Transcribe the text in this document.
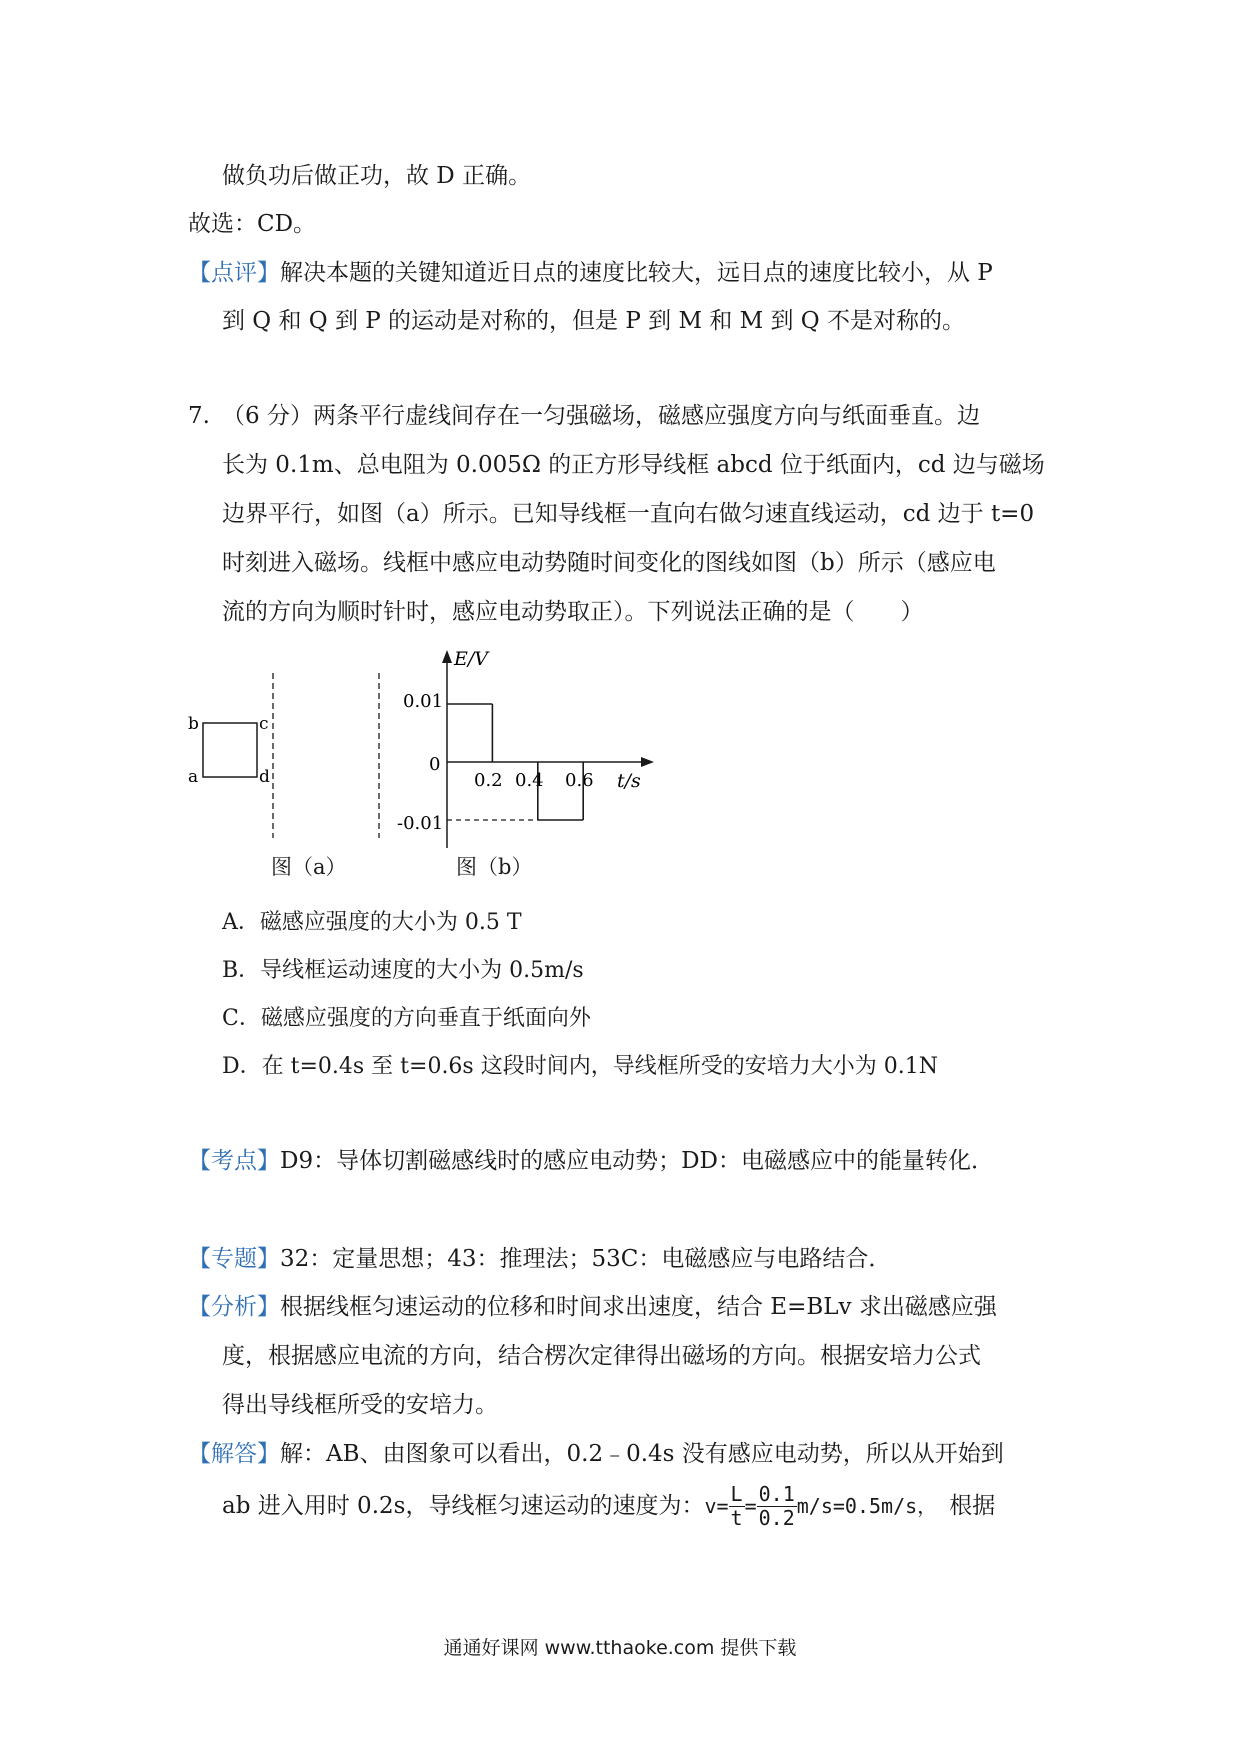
做负功后做正功，故 D 正确。
故选：CD。
【点评】解决本题的关键知道近日点的速度比较大，远日点的速度比较小，从 P
到 Q 和 Q 到 P 的运动是对称的，但是 P 到 M 和 M 到 Q 不是对称的。
7. （6 分）两条平行虚线间存在一匀强磁场，磁感应强度方向与纸面垂直。边
长为 0.1m、总电阻为 0.005Ω 的正方形导线框 abcd 位于纸面内，cd 边与磁场
边界平行，如图（a）所示。已知导线框一直向右做匀速直线运动，cd 边于 t=0
时刻进入磁场。线框中感应电动势随时间变化的图线如图（b）所示（感应电
流的方向为顺时针时，感应电动势取正）。下列说法正确的是（　　）
b	c
a	d
E/V
t/s
0.01
0
-0.01
0.2 0.4 0.6
图（a）	图（b）
A．磁感应强度的大小为 0.5 T
B．导线框运动速度的大小为 0.5m/s
C．磁感应强度的方向垂直于纸面向外
D．在 t=0.4s 至 t=0.6s 这段时间内，导线框所受的安培力大小为 0.1N
【考点】D9：导体切割磁感线时的感应电动势；DD：电磁感应中的能量转化．
【专题】32：定量思想；43：推理法；53C：电磁感应与电路结合．
【分析】根据线框匀速运动的位移和时间求出速度，结合 E=BLv 求出磁感应强
度，根据感应电流的方向，结合楞次定律得出磁场的方向。根据安培力公式
得出导线框所受的安培力。
【解答】解：AB、由图象可以看出，0.2﹣0.4s 没有感应电动势，所以从开始到
ab 进入用时 0.2s，导线框匀速运动的速度为： $v= \frac{L}{t} = \frac{0.1}{0.2} m/s=0.5m/s$， 根据
通通好课网 www.tthaoke.com 提供下载
